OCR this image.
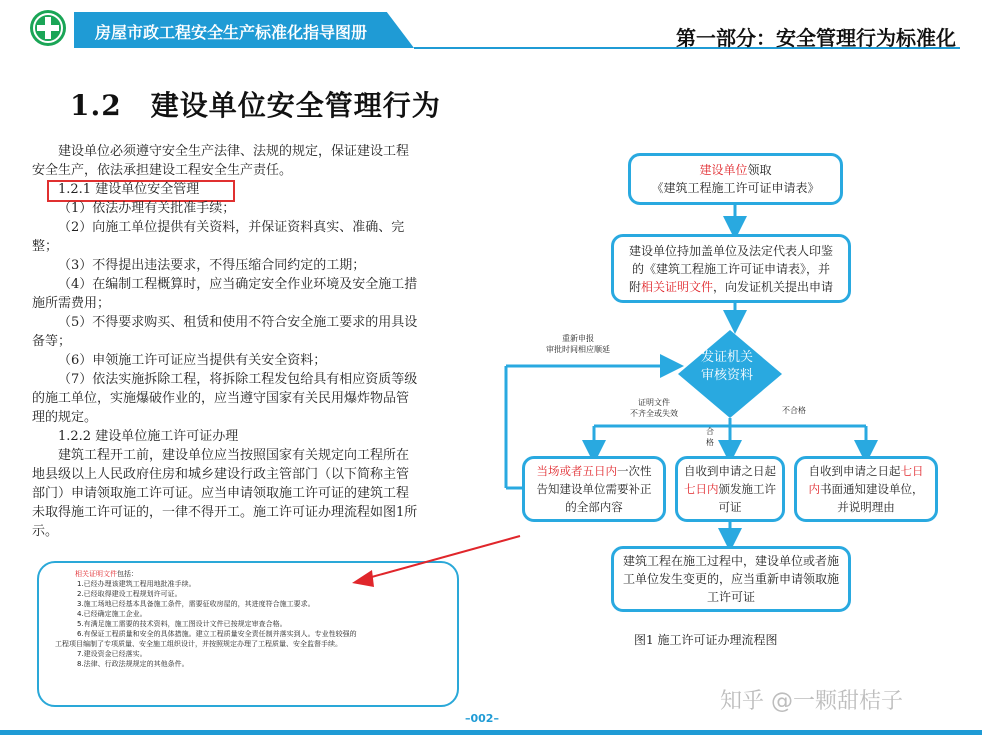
房屋市政工程安全生产标准化指导图册	第一部分：安全管理行为标准化
1.2　建设单位安全管理行为
建设单位必须遵守安全生产法律、法规的规定，保证建设工程
安全生产，依法承担建设工程安全生产责任。
1.2.1 建设单位安全管理
（1）依法办理有关批准手续；
（2）向施工单位提供有关资料，并保证资料真实、准确、完
整；
（3）不得提出违法要求，不得压缩合同约定的工期；
（4）在编制工程概算时，应当确定安全作业环境及安全施工措
施所需费用；
（5）不得要求购买、租赁和使用不符合安全施工要求的用具设
备等；
（6）申领施工许可证应当提供有关安全资料；
（7）依法实施拆除工程，将拆除工程发包给具有相应资质等级
的施工单位，实施爆破作业的，应当遵守国家有关民用爆炸物品管
理的规定。
1.2.2 建设单位施工许可证办理
建筑工程开工前，建设单位应当按照国家有关规定向工程所在
地县级以上人民政府住房和城乡建设行政主管部门（以下简称主管
部门）申请领取施工许可证。应当申请领取施工许可证的建筑工程
未取得施工许可证的，一律不得开工。施工许可证办理流程如图1所
示。
相关证明文件包括：
1.已经办理该建筑工程用地批准手续。
2.已经取得建设工程规划许可证。
3.施工场地已经基本具备施工条件，需要征收房屋的，其进度符合施工要求。
4.已经确定施工企业。
5.有满足施工需要的技术资料，施工图设计文件已按规定审查合格。
6.有保证工程质量和安全的具体措施。建立工程质量安全责任制并落实到人。专业性较强的
工程项目编制了专项质量、安全施工组织设计，并按照规定办理了工程质量、安全监督手续。
7.建设资金已经落实。
8.法律、行政法规规定的其他条件。
建设单位领取
《建筑工程施工许可证申请表》
建设单位持加盖单位及法定代表人印鉴
的《建筑工程施工许可证申请表》，并
附相关证明文件，向发证机关提出申请
发证机关
审核资料
重新申报
审批时间相应顺延
证明文件
不齐全或失效
合
格
不合格
当场或者五日内一次性告知建设单位需要补正的全部内容
自收到申请之日起七日内颁发施工许可证
自收到申请之日起七日内书面通知建设单位，并说明理由
建筑工程在施工过程中，建设单位或者施工单位发生变更的，应当重新申请领取施工许可证
图1 施工许可证办理流程图
知乎 @一颗甜桔子
–002–
